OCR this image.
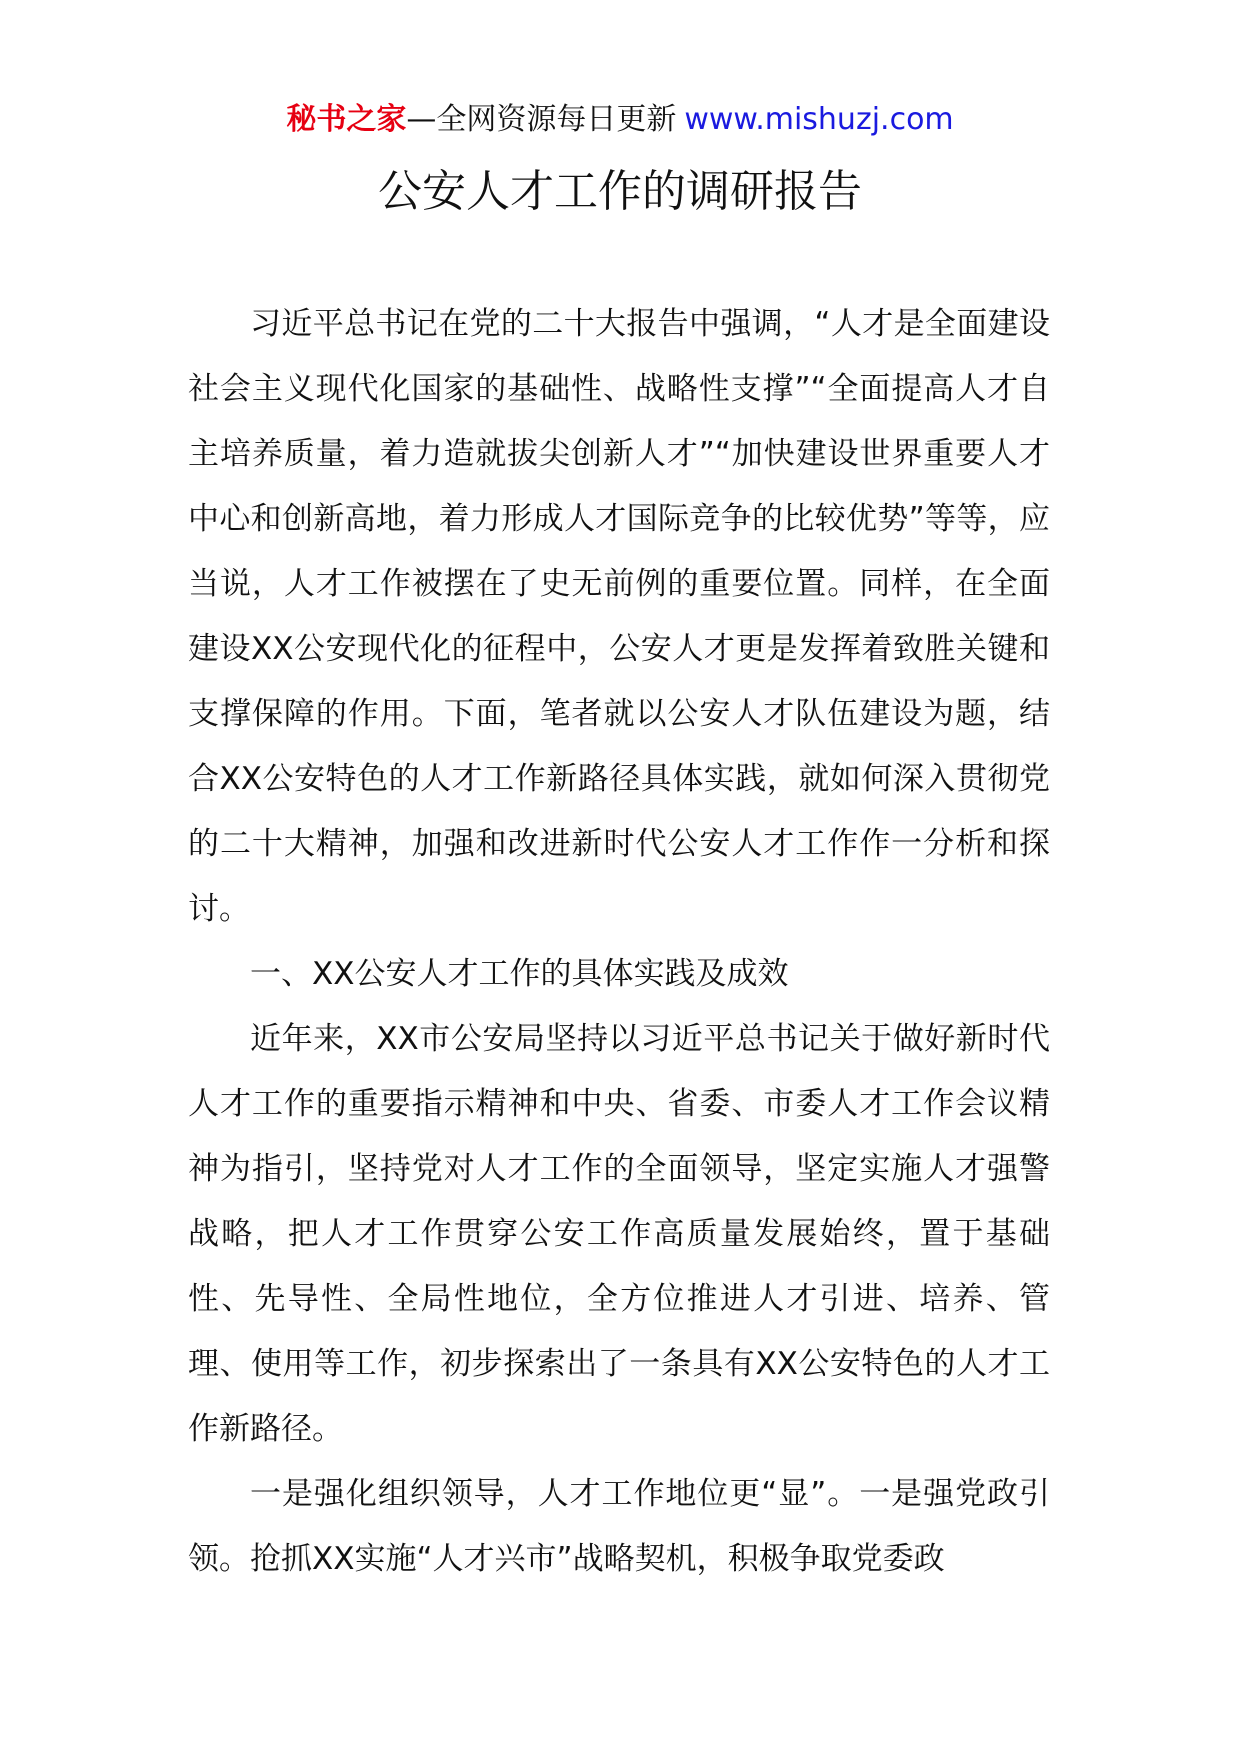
秘书之家—全网资源每日更新 www.mishuzj.com
公安人才工作的调研报告

习近平总书记在党的二十大报告中强调，“人才是全面建设社会主义现代化国家的基础性、战略性支撑”“全面提高人才自主培养质量，着力造就拔尖创新人才”“加快建设世界重要人才中心和创新高地，着力形成人才国际竞争的比较优势”等等，应当说，人才工作被摆在了史无前例的重要位置。同样，在全面建设XX公安现代化的征程中，公安人才更是发挥着致胜关键和支撑保障的作用。下面，笔者就以公安人才队伍建设为题，结合XX公安特色的人才工作新路径具体实践，就如何深入贯彻党的二十大精神，加强和改进新时代公安人才工作作一分析和探讨。

一、XX公安人才工作的具体实践及成效

近年来，XX市公安局坚持以习近平总书记关于做好新时代人才工作的重要指示精神和中央、省委、市委人才工作会议精神为指引，坚持党对人才工作的全面领导，坚定实施人才强警战略，把人才工作贯穿公安工作高质量发展始终，置于基础性、先导性、全局性地位，全方位推进人才引进、培养、管理、使用等工作，初步探索出了一条具有XX公安特色的人才工作新路径。

一是强化组织领导，人才工作地位更“显”。一是强党政引领。抢抓XX实施“人才兴市”战略契机，积极争取党委政
